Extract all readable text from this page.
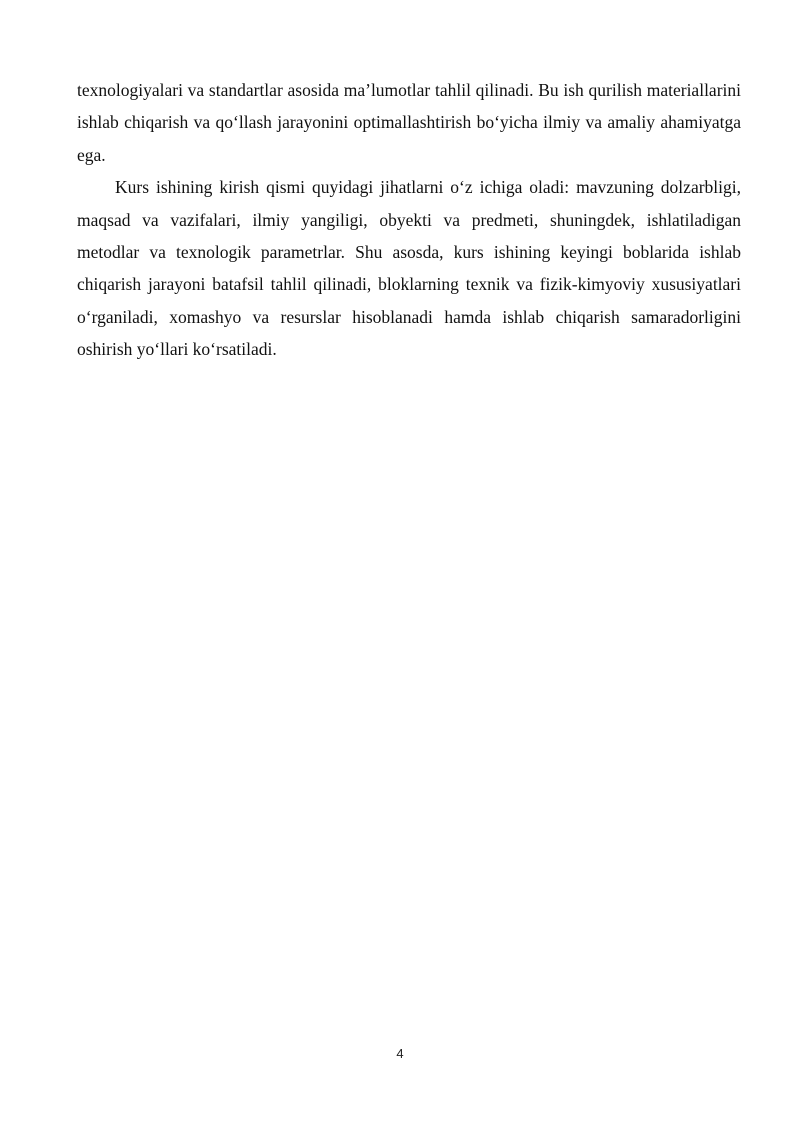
texnologiyalari va standartlar asosida ma’lumotlar tahlil qilinadi. Bu ish qurilish materiallarini ishlab chiqarish va qo‘llash jarayonini optimallashtirish bo‘yicha ilmiy va amaliy ahamiyatga ega.

Kurs ishining kirish qismi quyidagi jihatlarni o‘z ichiga oladi: mavzuning dolzarbligi, maqsad va vazifalari, ilmiy yangiligi, obyekti va predmeti, shuningdek, ishlatiladigan metodlar va texnologik parametrlar. Shu asosda, kurs ishining keyingi boblarida ishlab chiqarish jarayoni batafsil tahlil qilinadi, bloklarning texnik va fizik-kimyoviy xususiyatlari o‘rganiladi, xomashyo va resurslar hisoblanadi hamda ishlab chiqarish samaradorligini oshirish yo‘llari ko‘rsatiladi.

4
